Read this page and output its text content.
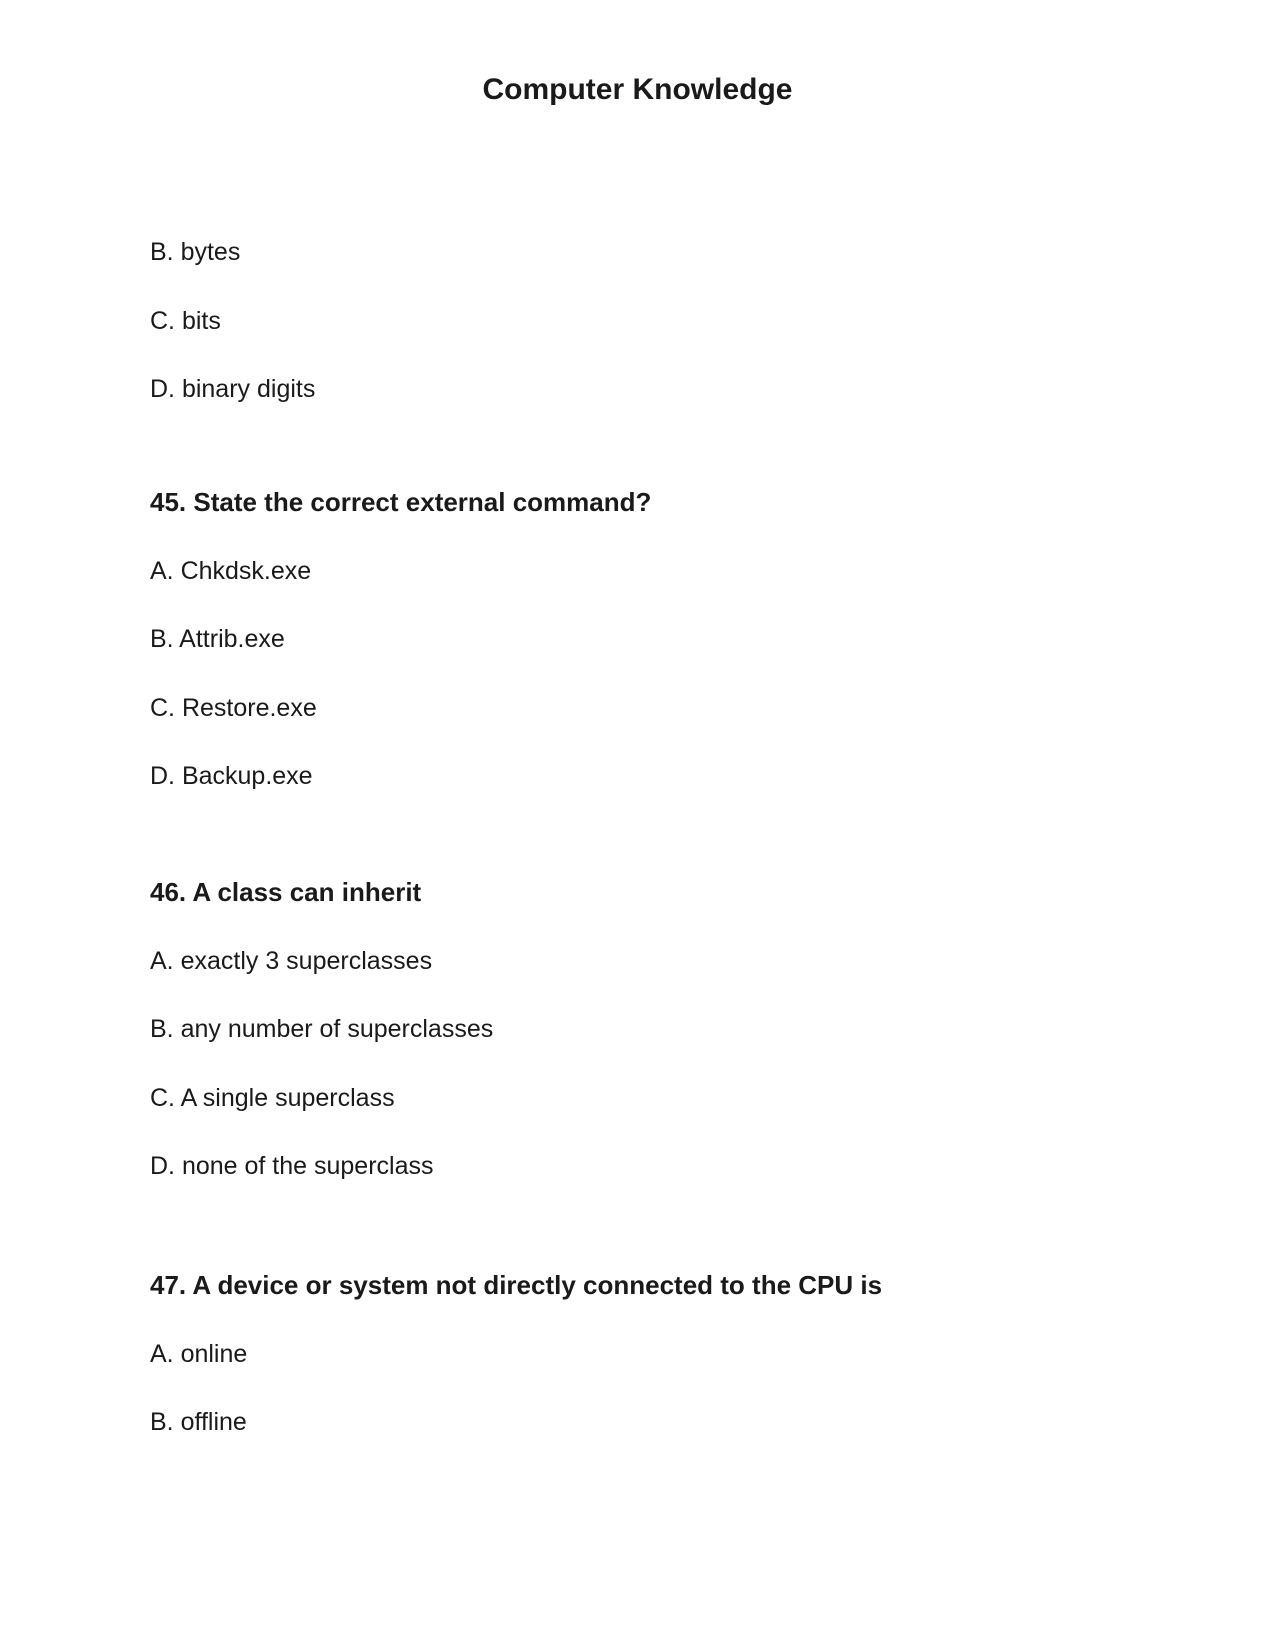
Computer Knowledge

B. bytes

C. bits

D. binary digits

45. State the correct external command?

A. Chkdsk.exe

B. Attrib.exe

C. Restore.exe

D. Backup.exe

46. A class can inherit

A. exactly 3 superclasses

B. any number of superclasses

C. A single superclass

D. none of the superclass

47. A device or system not directly connected to the CPU is

A. online

B. offline
